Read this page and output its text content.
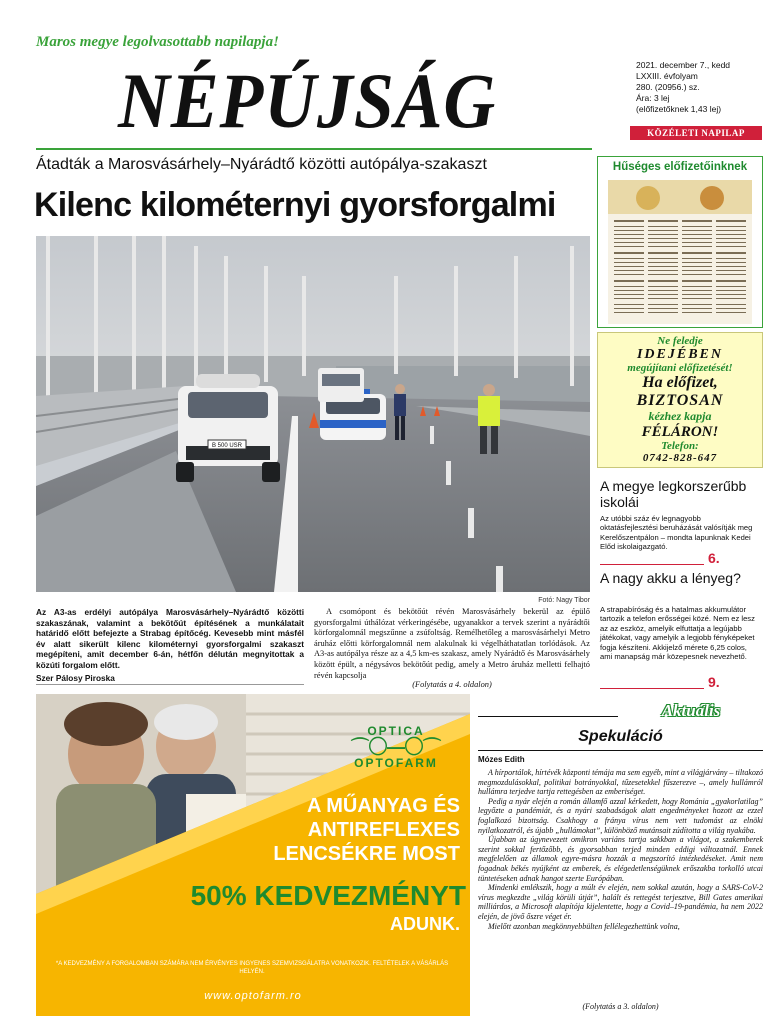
Maros megye legolvasottabb napilapja!
NÉPÚJSÁG	2021. december 7., kedd
LXXIII. évfolyam
280. (20956.) sz.
Ára: 3 lej
(előfizetőknek 1,43 lej)
KÖZÉLETI NAPILAP
Átadták a Marosvásárhely–Nyárádtő közötti autópálya-szakaszt
Kilenc kilométernyi gyorsforgalmi
B 500 USR
Fotó: Nagy Tibor
Az A3-as erdélyi autópálya Marosvásárhely–Nyárádtő közötti szakaszának, valamint a bekötőút építésének a munkálatait határidő előtt befejezte a Strabag építőcég. Kevesebb mint másfél év alatt sikerült kilenc kilométernyi gyorsforgalmi szakaszt megépíteni, amit december 6-án, hétfőn délután megnyitottak a közúti forgalom előtt.
Szer Pálosy Piroska
A csomópont és bekötőút révén Marosvásárhely bekerül az épülő gyorsforgalmi úthálózat vérkeringésébe, ugyanakkor a tervek szerint a nyárádtői körforgalomnál megszűnne a zsúfoltság. Remélhetőleg a marosvásárhelyi Metro áruház előtti körforgalomnál nem alakulnak ki végelháthatatlan torlódások. Az A3-as autópálya része az a 4,5 km-es szakasz, amely Nyárádtő és Marosvásárhely között épült, a négysávos bekötőút pedig, amely a Metro áruház melletti felhajtó révén kapcsolja
(Folytatás a 4. oldalon)
Hűséges előfizetőinknek
Ne feledje
IDEJÉBEN
megújítani előfizetését!
Ha előfizet,
BIZTOSAN
kézhez kapja
FÉLÁRON!
Telefon:
0742-828-647
A megye legkorszerűbb iskolái
Az utóbbi száz év legnagyobb oktatásfejlesztési beruházását valósítják meg Kerelőszentpálon – mondta lapunknak Kedei Előd iskolaigazgató.
6.
A nagy akku a lényeg?
A strapabíróság és a hatalmas akkumulátor tartozik a telefon erősségei közé. Nem ez lesz az az eszköz, amelyik elfuttatja a legújabb játékokat, vagy amelyik a legjobb fényképeket fogja készíteni. Akkijelző mérete 6,25 colos, ami manapság már közepesnek nevezhető.
9.
OPTICA
⌒◯—◯⌒
OPTOFARM
A MŰANYAG ÉS
ANTIREFLEXES
LENCSÉKRE MOST
50% KEDVEZMÉNYT
ADUNK.
*A KEDVEZMÉNY A FORGALOMBAN SZÁMÁRA NEM ÉRVÉNYES INGYENES SZEMVIZSGÁLATRA VONATKOZIK. FELTÉTELEK A VÁSÁRLÁS HELYÉN.
www.optofarm.ro
Aktuális
Spekuláció
Mózes Edith

A hírportálok, hírtévék központi témája ma sem egyéb, mint a világjárvány – tiltakozó megmozdulásokkal, politikai botrányokkal, tűzesetekkel fűszerezve –, amely hullámról hullámra terjedve tartja rettegésben az emberiséget.

Pedig a nyár elején a román államfő azzal kérkedett, hogy Romániа „gyakorlatilag” legyőzte a pandémiát, és a nyári szabadságok alatt engedményeket hozott az ezzel foglalkozó bizottság. Csakhogy a fránya vírus nem vett tudomást az elnöki nyilatkozatról, és újabb „hullámokat”, különböző mutánsait zúdította a világ nyakába.

Újabban az úgynevezett omikron variáns tartja sakkban a világot, a szakemberek szerint sokkal fertőzőbb, és gyorsabban terjed minden eddigi változatnál. Ennek megfelelően az államok egyre-másra hozzák a megszorító intézkedéseket. Amit nem fogadnak békés nyújként az emberek, és elégedetlenségüknek erőszakba torkolló utcai tüntetéseken adnak hangot szerte Európában.

Mindenki emlékszik, hogy a múlt év elején, nem sokkal azután, hogy a SARS-CoV-2 vírus megkezdte „világ körüli útját”, halált és rettegést terjesztve, Bill Gates amerikai milliárdos, a Microsoft alapítója kijelentette, hogy a Covid–19-pandémia, ha nem 2022 elején, de jövő őszre véget ér.

Mielőtt azonban megkönnyebbülten fellélegezhettünk volna,

(Folytatás a 3. oldalon)
